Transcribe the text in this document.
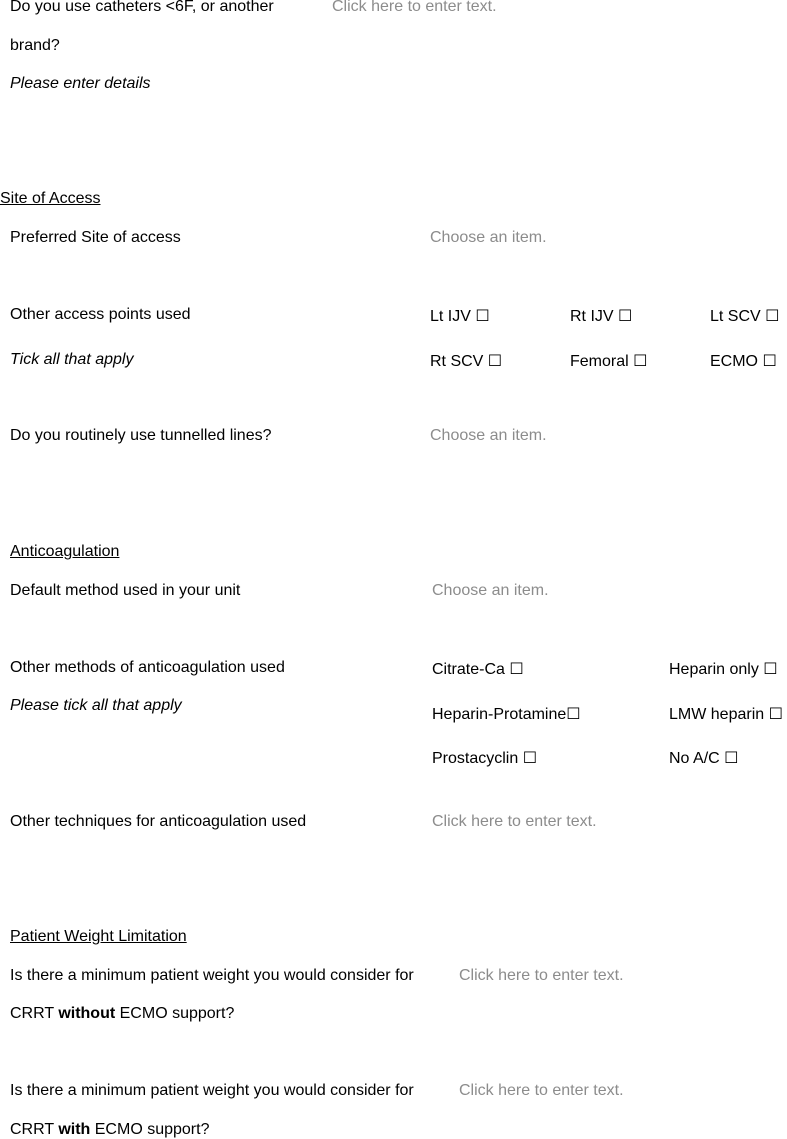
Do you use catheters <6F, or another
brand?
Please enter details
Click here to enter text.
Site of Access
Preferred Site of access	Choose an item.
Other access points used
Tick all that apply
Lt IJV ☐	Rt IJV ☐	Lt SCV ☐
Rt SCV ☐	Femoral ☐	ECMO ☐
Do you routinely use tunnelled lines?	Choose an item.
Anticoagulation
Default method used in your unit	Choose an item.
Other methods of anticoagulation used
Please tick all that apply
Citrate-Ca ☐	Heparin only ☐
Heparin-Protamine☐	LMW heparin ☐
Prostacyclin ☐	No A/C ☐
Other techniques for anticoagulation used	Click here to enter text.
Patient Weight Limitation
Is there a minimum patient weight you would consider for
CRRT without ECMO support?
Click here to enter text.
Is there a minimum patient weight you would consider for
CRRT with ECMO support?
Click here to enter text.
